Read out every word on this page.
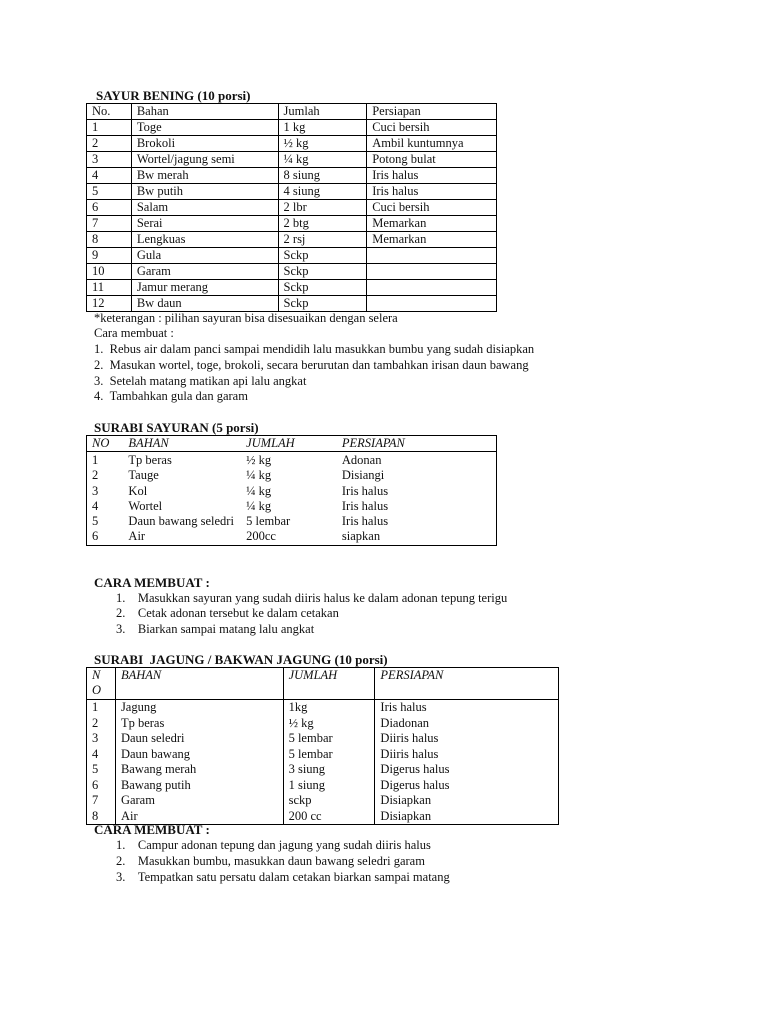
SAYUR BENING (10 porsi)
No.	Bahan	Jumlah	Persiapan
1	Toge	1 kg	Cuci bersih
2	Brokoli	½ kg	Ambil kuntumnya
3	Wortel/jagung semi	¼ kg	Potong bulat
4	Bw merah	8 siung	Iris halus
5	Bw putih	4 siung	Iris halus
6	Salam	2 lbr	Cuci bersih
7	Serai	2 btg	Memarkan
8	Lengkuas	2 rsj	Memarkan
9	Gula	Sckp	
10	Garam	Sckp	
11	Jamur merang	Sckp	
12	Bw daun	Sckp	
*keterangan : pilihan sayuran bisa disesuaikan dengan selera
Cara membuat :
1.  Rebus air dalam panci sampai mendidih lalu masukkan bumbu yang sudah disiapkan
2.  Masukan wortel, toge, brokoli, secara berurutan dan tambahkan irisan daun bawang
3.  Setelah matang matikan api lalu angkat
4.  Tambahkan gula dan garam
SURABI SAYURAN (5 porsi)
NO	BAHAN	JUMLAH	PERSIAPAN
1	Tp beras	½ kg	Adonan
2	Tauge	¼ kg	Disiangi
3	Kol	¼ kg	Iris halus
4	Wortel	¼ kg	Iris halus
5	Daun bawang seledri	5 lembar	Iris halus
6	Air	200cc	siapkan
CARA MEMBUAT :
1.    Masukkan sayuran yang sudah diiris halus ke dalam adonan tepung terigu
2.    Cetak adonan tersebut ke dalam cetakan
3.    Biarkan sampai matang lalu angkat
SURABI  JAGUNG / BAKWAN JAGUNG (10 porsi)
NO	BAHAN	JUMLAH	PERSIAPAN
1	Jagung	1kg	Iris halus
2	Tp beras	½ kg	Diadonan
3	Daun seledri	5 lembar	Diiris halus
4	Daun bawang	5 lembar	Diiris halus
5	Bawang merah	3 siung	Digerus halus
6	Bawang putih	1 siung	Digerus halus
7	Garam	sckp	Disiapkan
8	Air	200 cc	Disiapkan
CARA MEMBUAT :
1.    Campur adonan tepung dan jagung yang sudah diiris halus
2.    Masukkan bumbu, masukkan daun bawang seledri garam
3.    Tempatkan satu persatu dalam cetakan biarkan sampai matang
